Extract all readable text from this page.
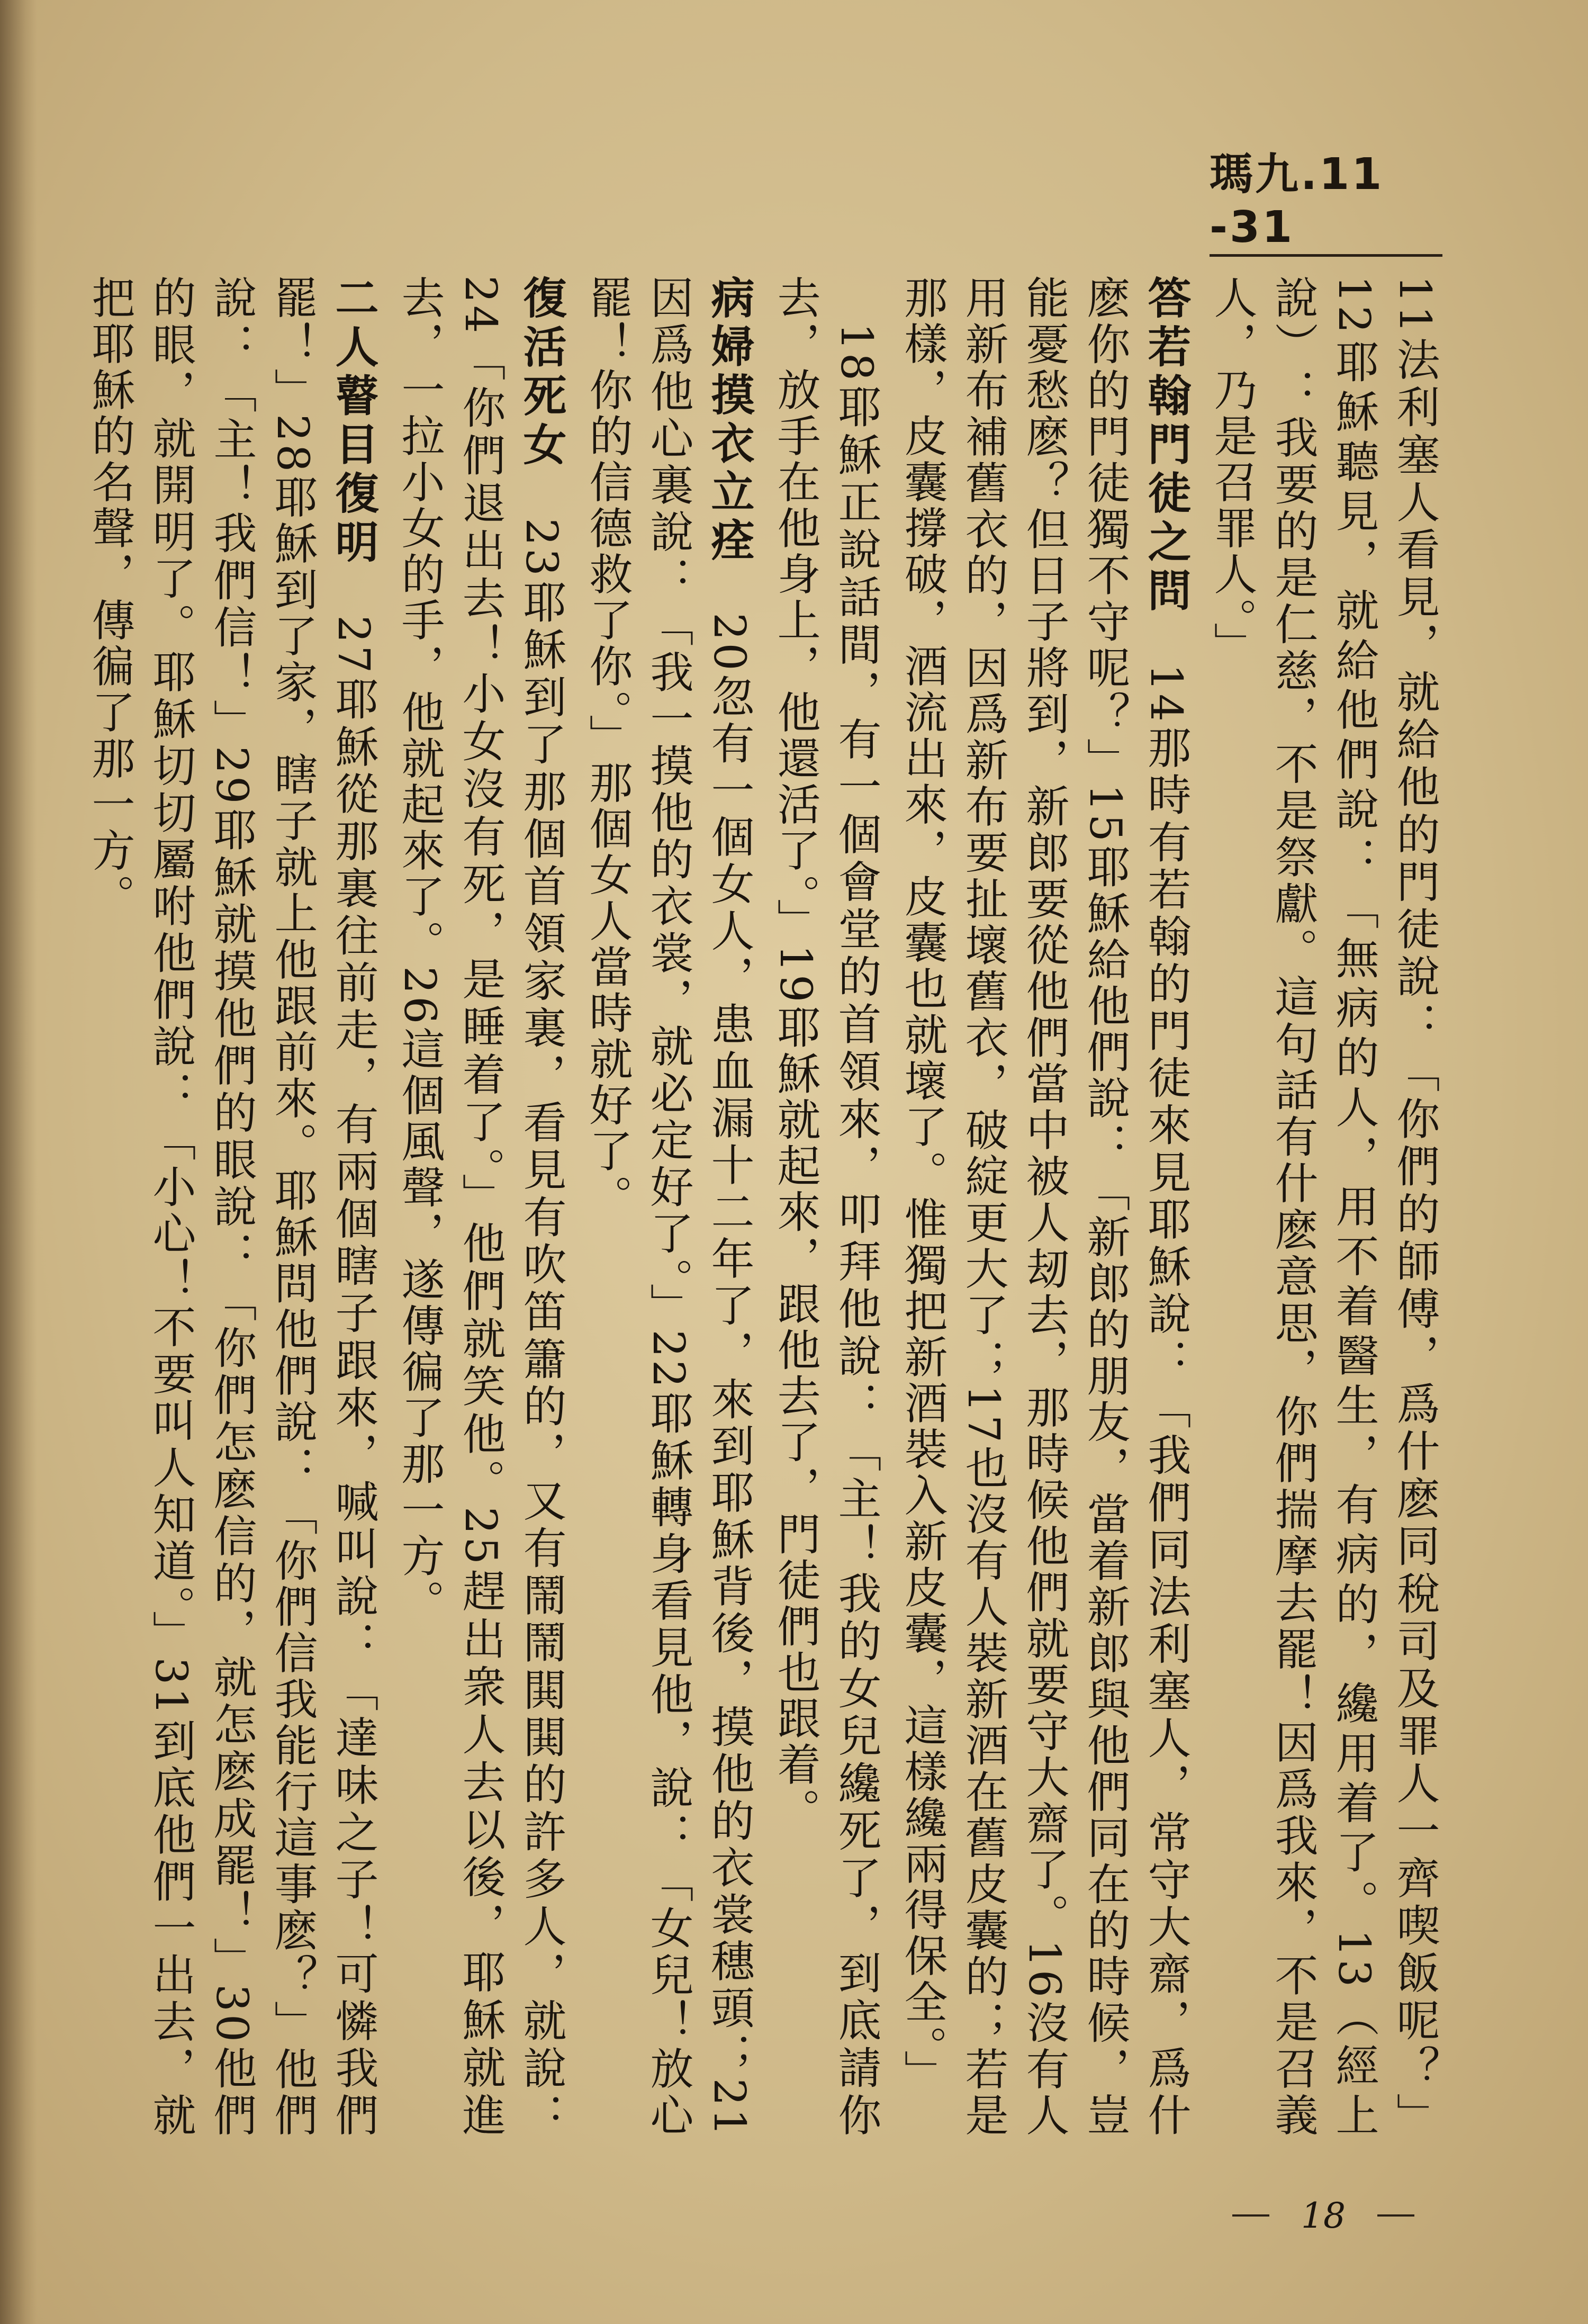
瑪九.11 -31

11法利塞人看見，就給他的門徒說：「你們的師傅，爲什麽同稅司及罪人一齊喫飯呢？」12耶穌聽見，就給他們說：「無病的人，用不着醫生，有病的，纔用着了。13（經上說）：我要的是仁慈，不是祭獻。這句話有什麽意思，你們揣摩去罷！因爲我來，不是召義人，乃是召罪人。」

答若翰門徒之問　14那時有若翰的門徒來見耶穌說：「我們同法利塞人，常守大齋，爲什麽你的門徒獨不守呢？」15耶穌給他們說：「新郎的朋友，當着新郎與他們同在的時候，豈能憂愁麽？但日子將到，新郎要從他們當中被人刼去，那時候他們就要守大齋了。16沒有人用新布補舊衣的，因爲新布要扯壞舊衣，破綻更大了；17也沒有人裝新酒在舊皮囊的；若是那樣，皮囊撐破，酒流出來，皮囊也就壞了。惟獨把新酒裝入新皮囊，這樣纔兩得保全。」

　18耶穌正說話間，有一個會堂的首領來，叩拜他說：「主！我的女兒纔死了，到底請你去，放手在他身上，他還活了。」19耶穌就起來，跟他去了，門徒們也跟着。

病婦摸衣立痊　20忽有一個女人，患血漏十二年了，來到耶穌背後，摸他的衣裳穗頭；21因爲他心裏說：「我一摸他的衣裳，就必定好了。」22耶穌轉身看見他，說：「女兒！放心罷！你的信德救了你。」那個女人當時就好了。

復活死女　23耶穌到了那個首領家裏，看見有吹笛簫的，又有鬧鬧閧閧的許多人，就說：24「你們退出去！小女沒有死，是睡着了。」他們就笑他。25趕出衆人去以後，耶穌就進去，一拉小女的手，他就起來了。26這個風聲，遂傳徧了那一方。

二人瞽目復明　27耶穌從那裏往前走，有兩個瞎子跟來，喊叫說：「達味之子！可憐我們罷！」28耶穌到了家，瞎子就上他跟前來。耶穌問他們說：「你們信我能行這事麽？」他們說：「主！我們信！」29耶穌就摸他們的眼說：「你們怎麽信的，就怎麽成罷！」30他們的眼，就開明了。耶穌切切屬咐他們說：「小心！不要叫人知道。」31到底他們一出去，就把耶穌的名聲，傳徧了那一方。

18
